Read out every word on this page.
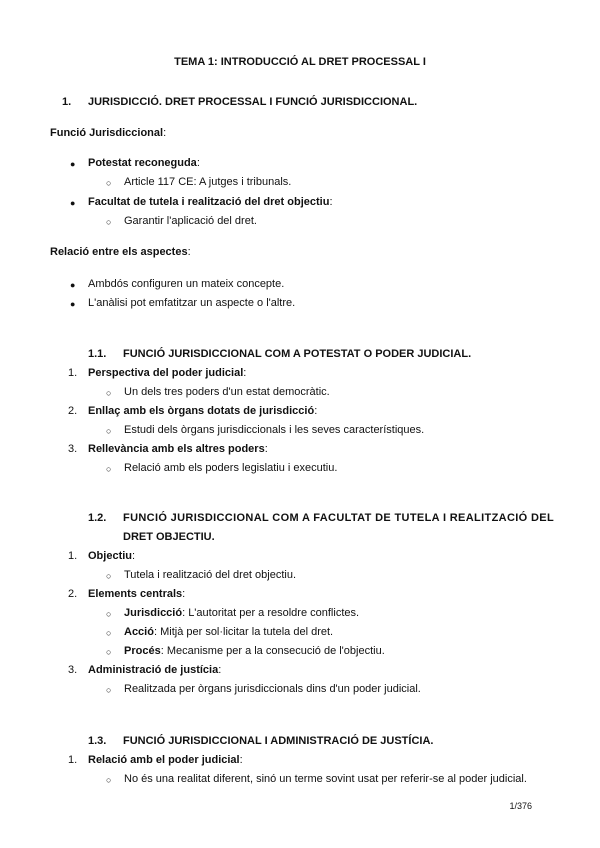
TEMA 1: INTRODUCCIÓ AL DRET PROCESSAL I
1. JURISDICCIÓ. DRET PROCESSAL I FUNCIÓ JURISDICCIONAL.
Funció Jurisdiccional:
● Potestat reconeguda:
○ Article 117 CE: A jutges i tribunals.
● Facultat de tutela i realització del dret objectiu:
○ Garantir l'aplicació del dret.
Relació entre els aspectes:
● Ambdós configuren un mateix concepte.
● L'anàlisi pot emfatitzar un aspecte o l'altre.
1.1. FUNCIÓ JURISDICCIONAL COM A POTESTAT O PODER JUDICIAL.
1. Perspectiva del poder judicial:
○ Un dels tres poders d'un estat democràtic.
2. Enllaç amb els òrgans dotats de jurisdicció:
○ Estudi dels òrgans jurisdiccionals i les seves característiques.
3. Rellevància amb els altres poders:
○ Relació amb els poders legislatiu i executiu.
1.2. FUNCIÓ JURISDICCIONAL COM A FACULTAT DE TUTELA I REALITZACIÓ DEL
DRET OBJECTIU.
1. Objectiu:
○ Tutela i realització del dret objectiu.
2. Elements centrals:
○ Jurisdicció: L'autoritat per a resoldre conflictes.
○ Acció: Mitjà per sol·licitar la tutela del dret.
○ Procés: Mecanisme per a la consecució de l'objectiu.
3. Administració de justícia:
○ Realitzada per òrgans jurisdiccionals dins d'un poder judicial.
1.3. FUNCIÓ JURISDICCIONAL I ADMINISTRACIÓ DE JUSTÍCIA.
1. Relació amb el poder judicial:
○ No és una realitat diferent, sinó un terme sovint usat per referir-se al poder judicial.
1/376
